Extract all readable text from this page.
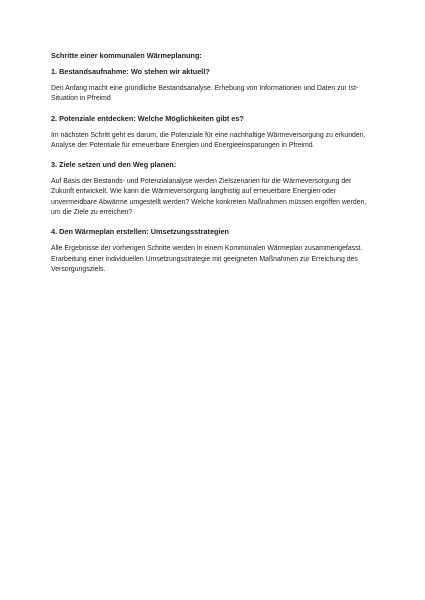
Schritte einer kommunalen Wärmeplanung:
1. Bestandsaufnahme: Wo stehen wir aktuell?

Den Anfang macht eine gründliche Bestandsanalyse. Erhebung von Informationen und Daten zur Ist-Situation in Pfreimd

2. Potenziale entdecken: Welche Möglichkeiten gibt es?

Im nächsten Schritt geht es darum, die Potenziale für eine nachhaltige Wärmeversorgung zu erkunden. Analyse der Potentiale für erneuerbare Energien und Energieeinsparungen in Pfreimd.

3. Ziele setzen und den Weg planen:

Auf Basis der Bestands- und Potenzialanalyse werden Zielszenarien für die Wärmeversorgung der Zukunft entwickelt. Wie kann die Wärmeversorgung langfristig auf erneuerbare Energien oder unvermeidbare Abwärme umgestellt werden? Welche konkreten Maßnahmen müssen ergriffen werden, um die Ziele zu erreichen?

4. Den Wärmeplan erstellen: Umsetzungsstrategien

Alle Ergebnisse der vorherigen Schritte werden in einem Kommunalen Wärmeplan zusammengefasst. Erarbeitung einer individuellen Umsetzungsstrategie mit geeigneten Maßnahmen zur Erreichung des Versorgungsziels.
